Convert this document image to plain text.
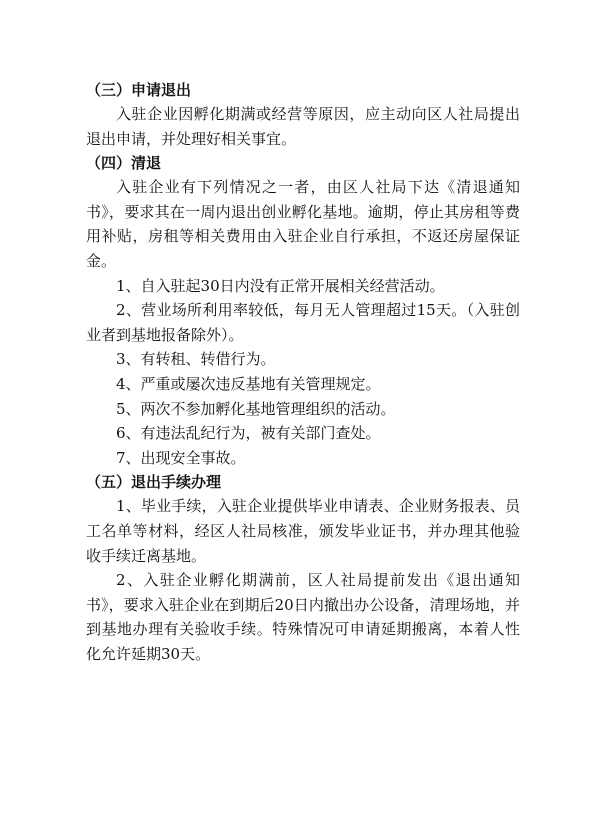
（三）申请退出

入驻企业因孵化期满或经营等原因，应主动向区人社局提出退出申请，并处理好相关事宜。

（四）清退

入驻企业有下列情况之一者，由区人社局下达《清退通知书》，要求其在一周内退出创业孵化基地。逾期，停止其房租等费用补贴，房租等相关费用由入驻企业自行承担，不返还房屋保证金。

1、自入驻起30日内没有正常开展相关经营活动。

2、营业场所利用率较低，每月无人管理超过15天。（入驻创业者到基地报备除外）。

3、有转租、转借行为。

4、严重或屡次违反基地有关管理规定。

5、两次不参加孵化基地管理组织的活动。

6、有违法乱纪行为，被有关部门查处。

7、出现安全事故。

（五）退出手续办理

1、毕业手续，入驻企业提供毕业申请表、企业财务报表、员工名单等材料，经区人社局核准，颁发毕业证书，并办理其他验收手续迁离基地。

2、入驻企业孵化期满前，区人社局提前发出《退出通知书》，要求入驻企业在到期后20日内撤出办公设备，清理场地，并到基地办理有关验收手续。特殊情况可申请延期搬离，本着人性化允许延期30天。
